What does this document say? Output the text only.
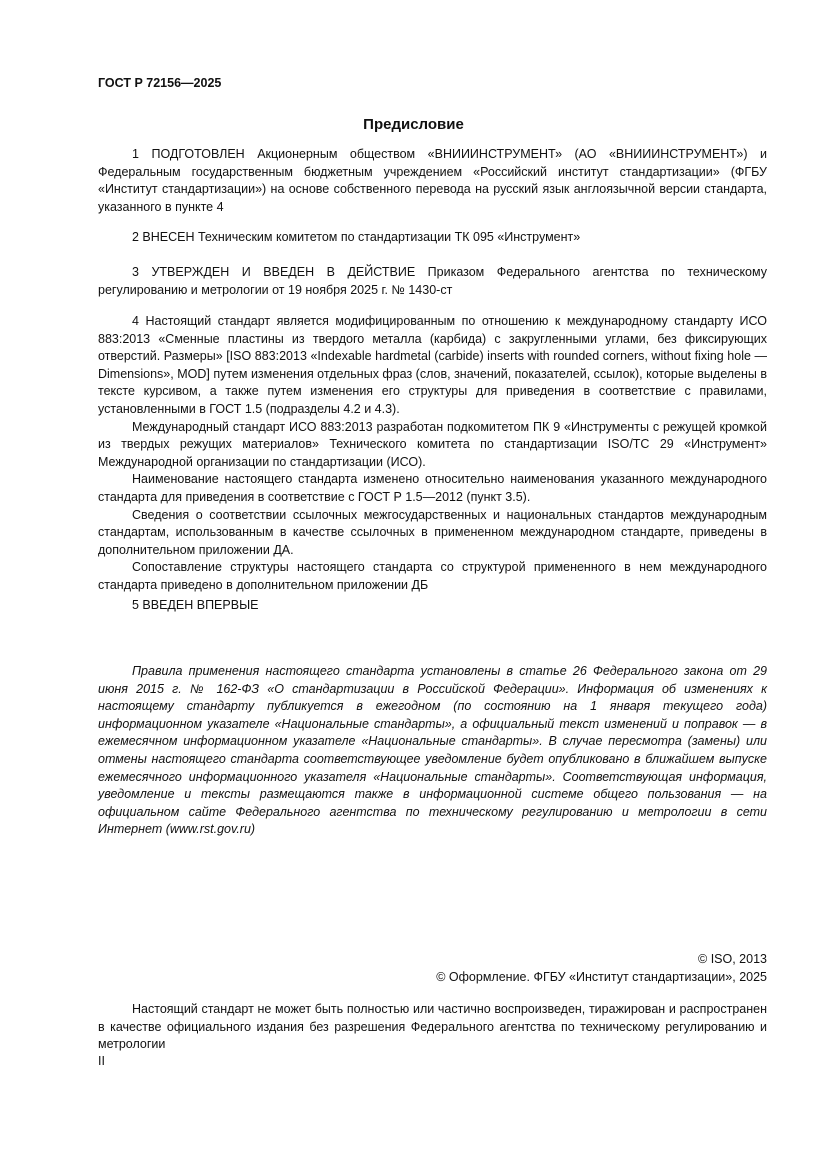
ГОСТ Р 72156—2025
Предисловие

1 ПОДГОТОВЛЕН Акционерным обществом «ВНИИИНСТРУМЕНТ» (АО «ВНИИИНСТРУМЕНТ») и Федеральным государственным бюджетным учреждением «Российский институт стандартизации» (ФГБУ «Институт стандартизации») на основе собственного перевода на русский язык англоязычной версии стандарта, указанного в пункте 4

2 ВНЕСЕН Техническим комитетом по стандартизации ТК 095 «Инструмент»

3 УТВЕРЖДЕН И ВВЕДЕН В ДЕЙСТВИЕ Приказом Федерального агентства по техническому регулированию и метрологии от 19 ноября 2025 г. № 1430-ст

4 Настоящий стандарт является модифицированным по отношению к международному стандарту ИСО 883:2013 «Сменные пластины из твердого металла (карбида) с закругленными углами, без фиксирующих отверстий. Размеры» [ISO 883:2013 «Indexable hardmetal (carbide) inserts with rounded corners, without fixing hole — Dimensions», MOD] путем изменения отдельных фраз (слов, значений, показателей, ссылок), которые выделены в тексте курсивом, а также путем изменения его структуры для приведения в соответствие с правилами, установленными в ГОСТ 1.5 (подразделы 4.2 и 4.3).

Международный стандарт ИСО 883:2013 разработан подкомитетом ПК 9 «Инструменты с режущей кромкой из твердых режущих материалов» Технического комитета по стандартизации ISO/TC 29 «Инструмент» Международной организации по стандартизации (ИСО).

Наименование настоящего стандарта изменено относительно наименования указанного международного стандарта для приведения в соответствие с ГОСТ Р 1.5—2012 (пункт 3.5).

Сведения о соответствии ссылочных межгосударственных и национальных стандартов международным стандартам, использованным в качестве ссылочных в примененном международном стандарте, приведены в дополнительном приложении ДА.

Сопоставление структуры настоящего стандарта со структурой примененного в нем международного стандарта приведено в дополнительном приложении ДБ

5 ВВЕДЕН ВПЕРВЫЕ

Правила применения настоящего стандарта установлены в статье 26 Федерального закона от 29 июня 2015 г. № 162-ФЗ «О стандартизации в Российской Федерации». Информация об изменениях к настоящему стандарту публикуется в ежегодном (по состоянию на 1 января текущего года) информационном указателе «Национальные стандарты», а официальный текст изменений и поправок — в ежемесячном информационном указателе «Национальные стандарты». В случае пересмотра (замены) или отмены настоящего стандарта соответствующее уведомление будет опубликовано в ближайшем выпуске ежемесячного информационного указателя «Национальные стандарты». Соответствующая информация, уведомление и тексты размещаются также в информационной системе общего пользования — на официальном сайте Федерального агентства по техническому регулированию и метрологии в сети Интернет (www.rst.gov.ru)

© ISO, 2013
© Оформление. ФГБУ «Институт стандартизации», 2025

Настоящий стандарт не может быть полностью или частично воспроизведен, тиражирован и распространен в качестве официального издания без разрешения Федерального агентства по техническому регулированию и метрологии

II
